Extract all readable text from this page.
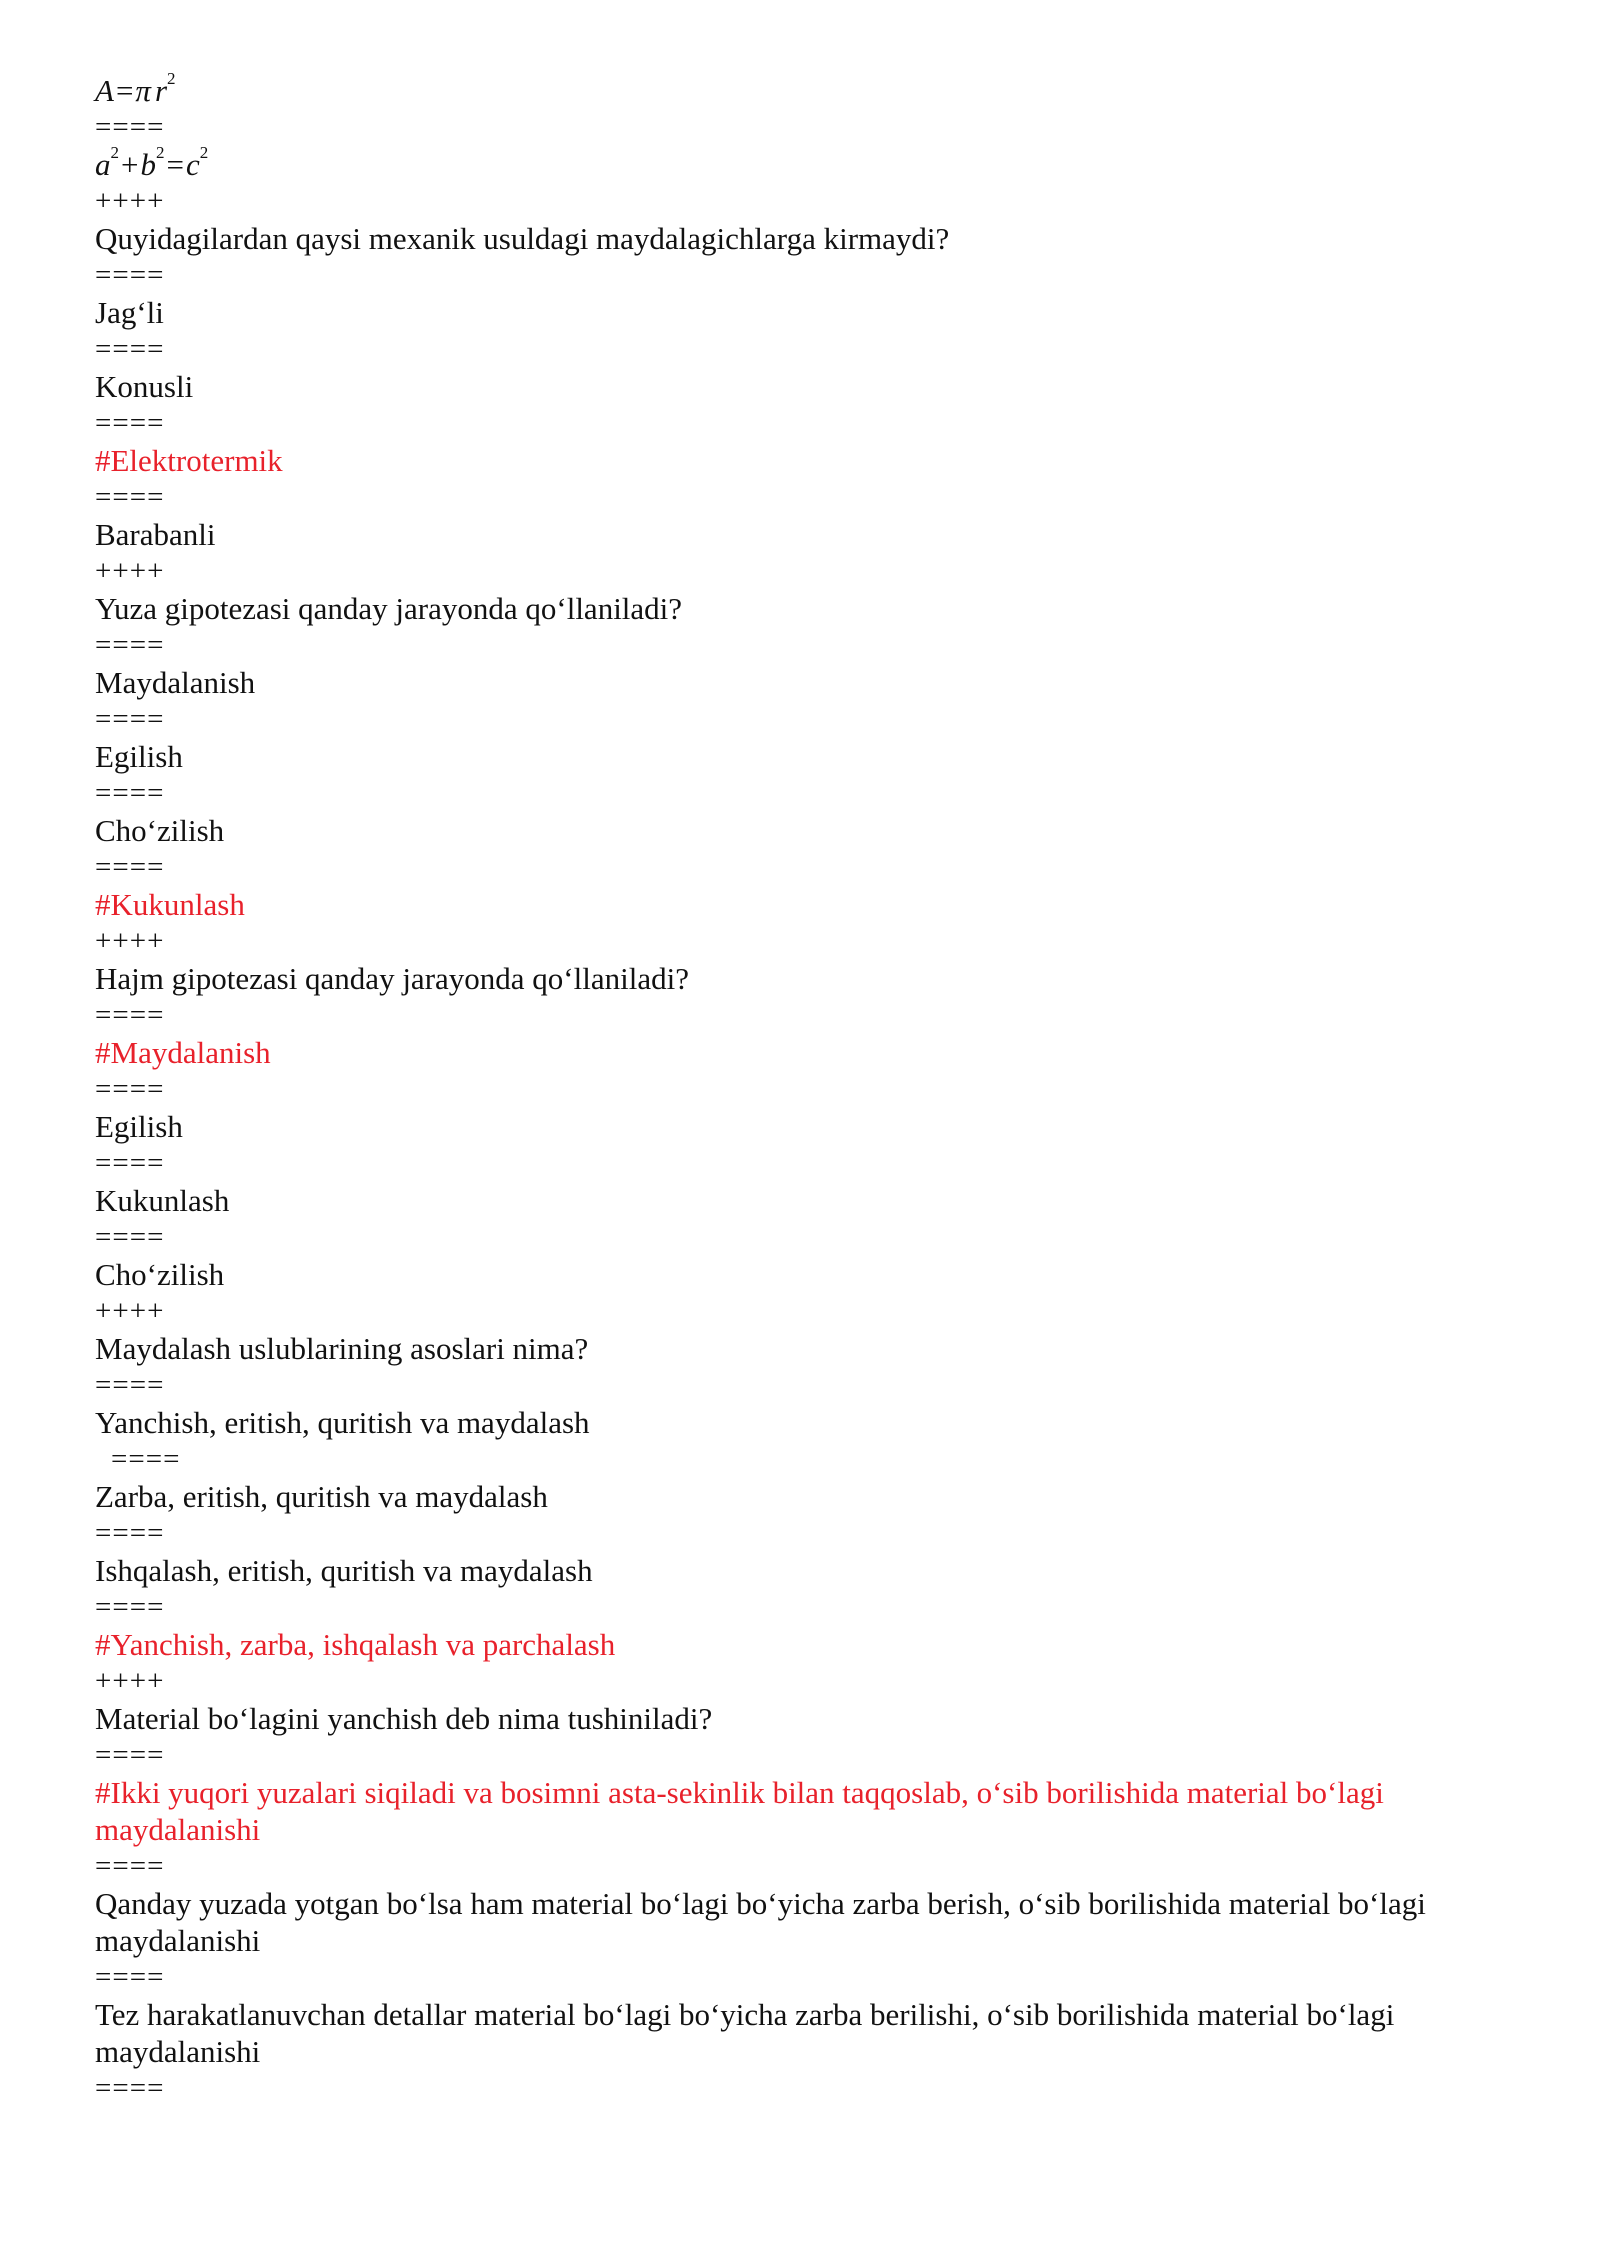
A=π $r^2$
====
$a^2+b^2=c^2$
++++
Quyidagilardan qaysi mexanik usuldagi maydalagichlarga kirmaydi?
====
Jag‘li
====
Konusli
====
#Elektrotermik
====
Barabanli
++++
Yuza gipotezasi qanday jarayonda qo‘llaniladi?
====
Maydalanish
====
Egilish
====
Cho‘zilish
====
#Kukunlash
++++
Hajm gipotezasi qanday jarayonda qo‘llaniladi?
====
#Maydalanish
====
Egilish
====
Kukunlash
====
Cho‘zilish
++++
Maydalash uslublarining asoslari nima?
====
Yanchish, eritish, quritish va maydalash
====
Zarba, eritish, quritish va maydalash
====
Ishqalash, eritish, quritish va maydalash
====
#Yanchish, zarba, ishqalash va parchalash
++++
Material bo‘lagini yanchish deb nima tushiniladi?
====
#Ikki yuqori yuzalari siqiladi va bosimni asta-sekinlik bilan taqqoslab, o‘sib borilishida material bo‘lagi maydalanishi
====
Qanday yuzada yotgan bo‘lsa ham material bo‘lagi bo‘yicha zarba berish, o‘sib borilishida material bo‘lagi maydalanishi
====
Tez harakatlanuvchan detallar material bo‘lagi bo‘yicha zarba berilishi, o‘sib borilishida material bo‘lagi maydalanishi
====
